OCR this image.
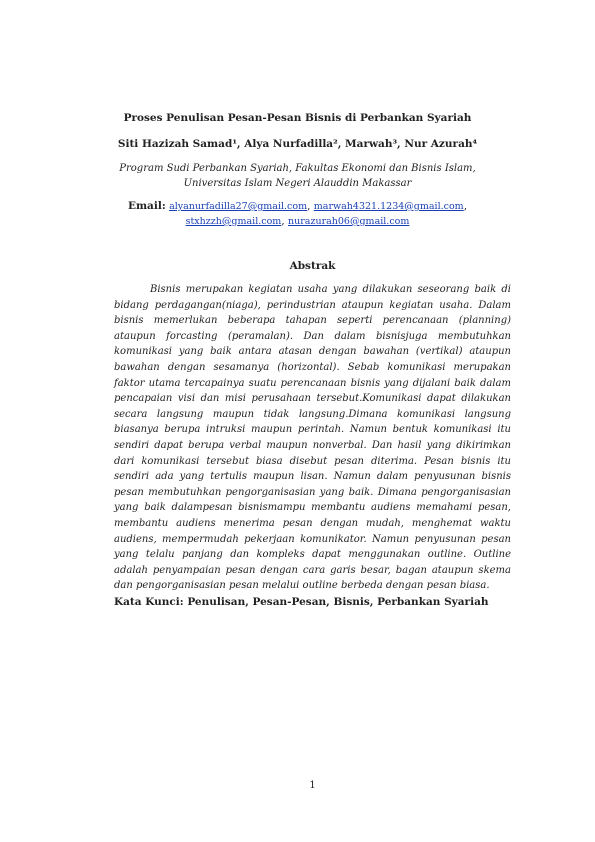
Proses Penulisan Pesan-Pesan Bisnis di Perbankan Syariah
Siti Hazizah Samad¹, Alya Nurfadilla², Marwah³, Nur Azurah⁴
Program Sudi Perbankan Syariah, Fakultas Ekonomi dan Bisnis Islam,
Universitas Islam Negeri Alauddin Makassar
Email: alyanurfadilla27@gmail.com, marwah4321.1234@gmail.com,
stxhzzh@gmail.com, nurazurah06@gmail.com
Abstrak

Bisnis merupakan kegiatan usaha yang dilakukan seseorang baik di bidang perdagangan(niaga), perindustrian ataupun kegiatan usaha. Dalam bisnis memerlukan beberapa tahapan seperti perencanaan (planning) ataupun forcasting (peramalan). Dan dalam bisnisjuga membutuhkan komunikasi yang baik antara atasan dengan bawahan (vertikal) ataupun bawahan dengan sesamanya (horizontal). Sebab komunikasi merupakan faktor utama tercapainya suatu perencanaan bisnis yang dijalani baik dalam pencapaian visi dan misi perusahaan tersebut.Komunikasi dapat dilakukan secara langsung maupun tidak langsung.Dimana komunikasi langsung biasanya berupa intruksi maupun perintah. Namun bentuk komunikasi itu sendiri dapat berupa verbal maupun nonverbal. Dan hasil yang dikirimkan dari komunikasi tersebut biasa disebut pesan diterima. Pesan bisnis itu sendiri ada yang tertulis maupun lisan. Namun dalam penyusunan bisnis pesan membutuhkan pengorganisasian yang baik. Dimana pengorganisasian yang baik dalampesan bisnismampu membantu audiens memahami pesan, membantu audiens menerima pesan dengan mudah, menghemat waktu audiens, mempermudah pekerjaan komunikator. Namun penyusunan pesan yang telalu panjang dan kompleks dapat menggunakan outline. Outline adalah penyampaian pesan dengan cara garis besar, bagan ataupun skema dan pengorganisasian pesan melalui outline berbeda dengan pesan biasa.

Kata Kunci: Penulisan, Pesan-Pesan, Bisnis, Perbankan Syariah
1
